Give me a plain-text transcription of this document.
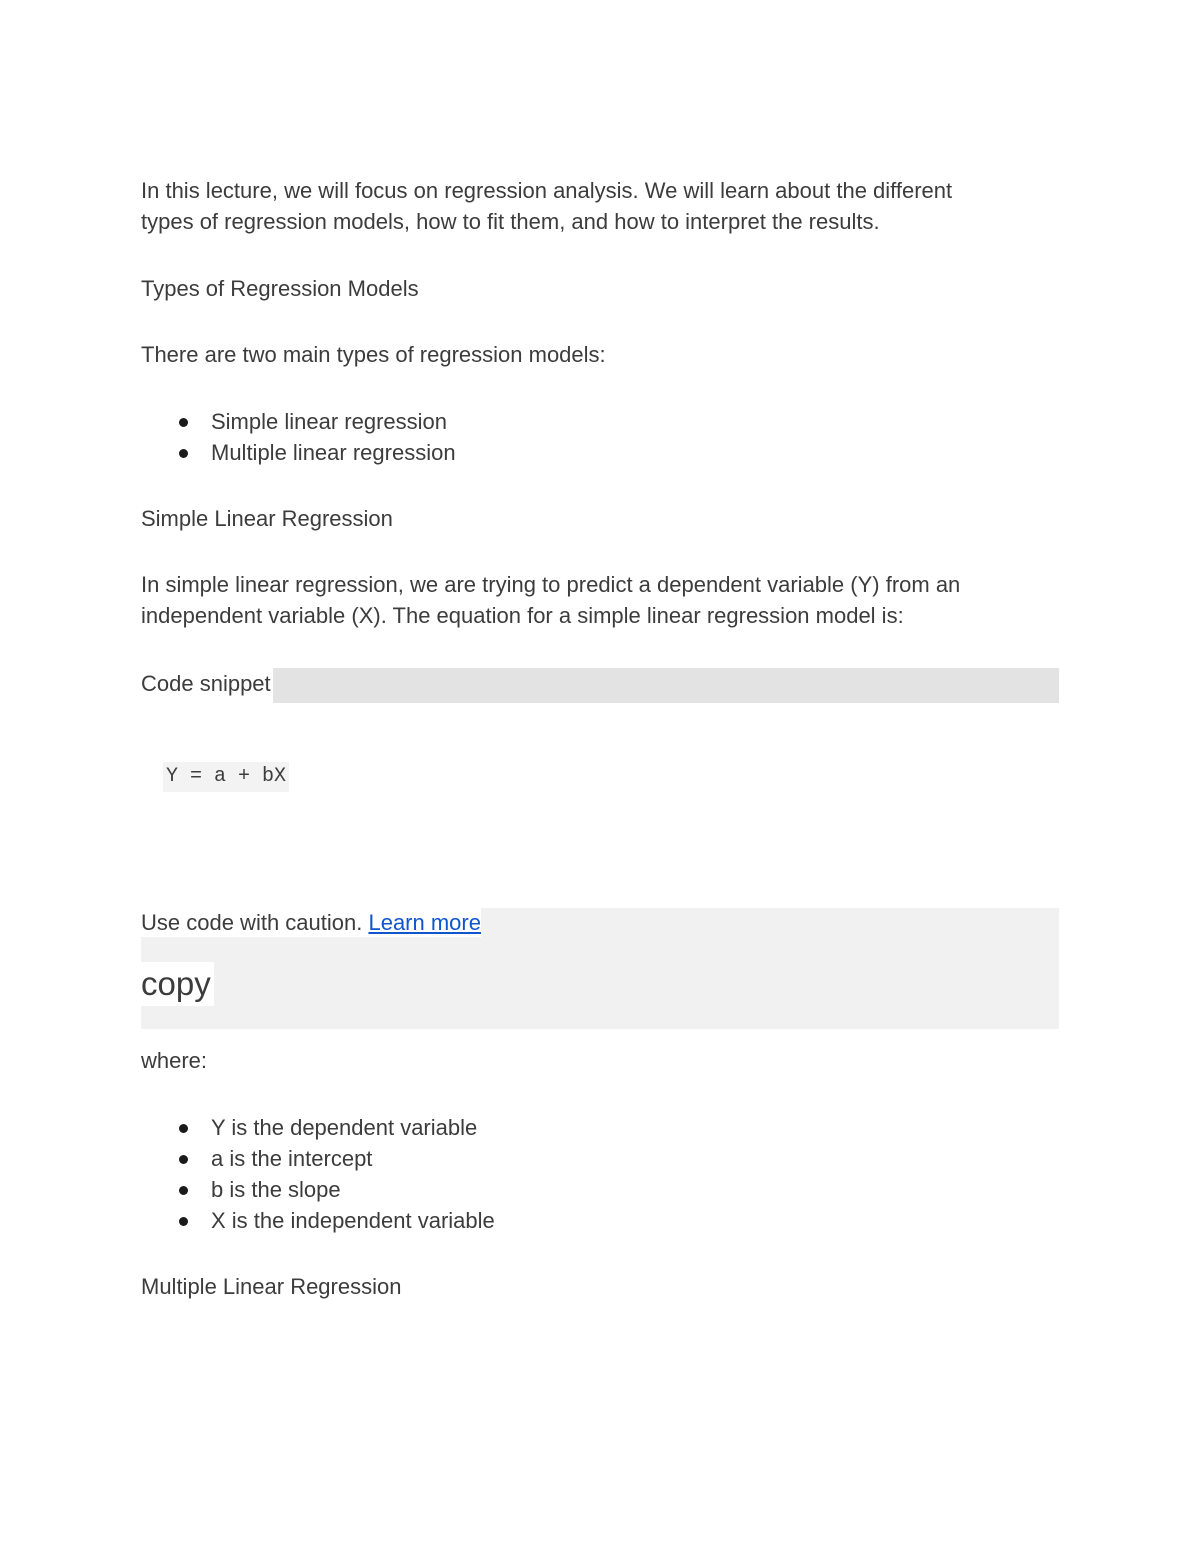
In this lecture, we will focus on regression analysis. We will learn about the different
types of regression models, how to fit them, and how to interpret the results.
Types of Regression Models
There are two main types of regression models:
Simple linear regression
Multiple linear regression
Simple Linear Regression
In simple linear regression, we are trying to predict a dependent variable (Y) from an
independent variable (X). The equation for a simple linear regression model is:
Code snippet
Y = a + bX
Use code with caution. Learn more
copy
where:
Y is the dependent variable
a is the intercept
b is the slope
X is the independent variable
Multiple Linear Regression
